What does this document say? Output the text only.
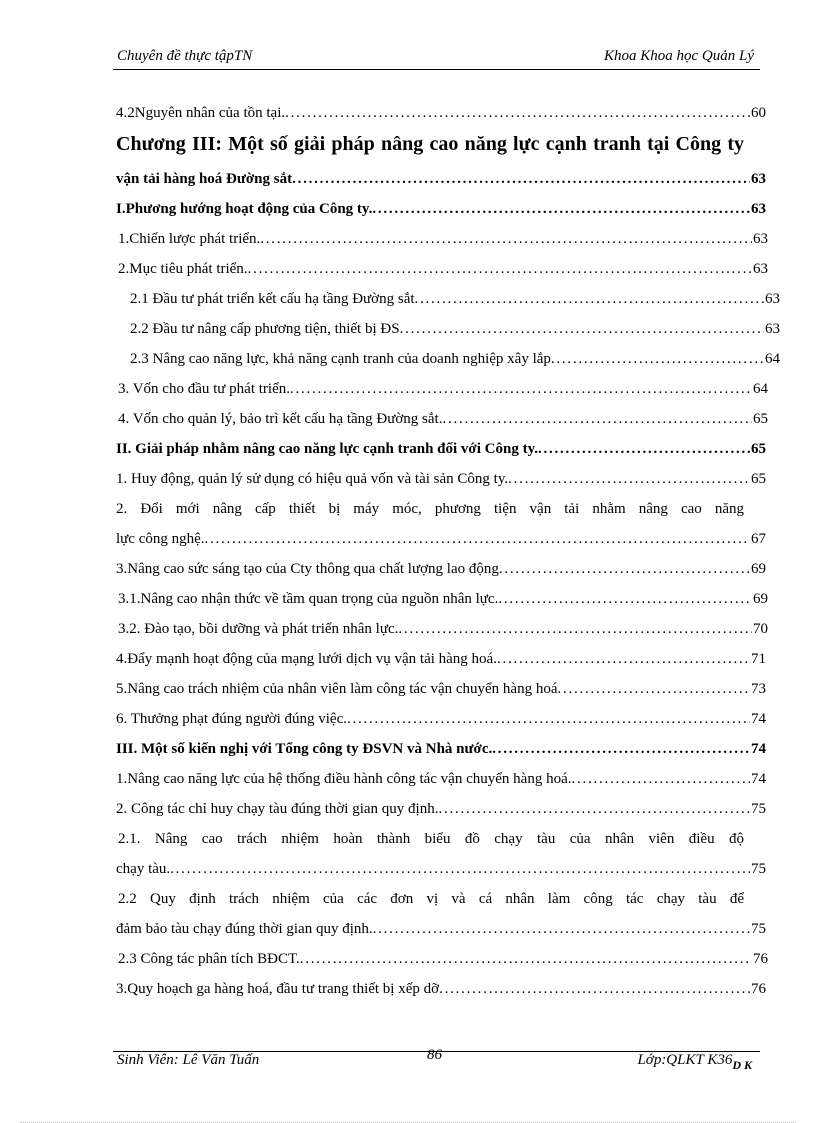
Chuyên đề thực tậpTN	Khoa Khoa học Quản Lý
4.2Nguyên nhân của tồn tại. . . .	60
Chương III: Một số giải pháp nâng cao năng lực cạnh tranh tại Công ty
vận tải hàng hoá Đường sắt . . .	63
I.Phương hướng hoạt động của Công ty. . . .	63
1.Chiến lược phát triển. . . .	63
2.Mục tiêu phát triển. . . .	63
2.1 Đầu tư phát triển kết cấu hạ tầng Đường sắt . . .	63
2.2 Đầu tư nâng cấp phương tiện, thiết bị ĐS . . .	63
2.3 Nâng cao năng lực, khả năng cạnh tranh của doanh nghiệp xây lắp . . .	64
3. Vốn cho đầu tư phát triển. . . .	64
4. Vốn cho quản lý, bảo trì kết cấu hạ tầng Đường sắt. . . .	65
II. Giải pháp nhằm nâng cao năng lực cạnh tranh đối với Công ty. . . .	65
1. Huy động, quản lý sử dụng có hiệu quả vốn và tài sản Công ty. . . .	65
2. Đổi mới nâng cấp thiết bị máy móc, phương tiện vận tải nhằm nâng cao năng
lực công nghệ. . . .	67
3.Nâng cao sức sáng tạo của Cty thông qua chất lượng lao động . . .	69
3.1.Nâng cao nhận thức về tầm quan trọng của nguồn nhân lực. . . .	69
3.2. Đào tạo, bồi dưỡng và phát triển nhân lực. . . .	70
4.Đẩy mạnh hoạt động của mạng lưới dịch vụ vận tải hàng hoá. . . .	71
5.Nâng cao trách nhiệm của nhân viên làm công tác vận chuyển hàng hoá . . .	73
6. Thưởng phạt đúng người đúng việc. . . .	74
III. Một số kiến nghị với Tổng công ty ĐSVN và Nhà nước. . . .	74
1.Nâng cao năng lực của hệ thống điều hành công tác vận chuyển hàng hoá. . . .	74
2. Công tác chỉ huy chạy tàu đúng thời gian quy định. . . .	75
2.1. Nâng cao trách nhiệm hoàn thành biểu đồ chạy tàu của nhân viên điều độ
chạy tàu. . . .	75
2.2 Quy định trách nhiệm của các đơn vị và cá nhân làm công tác chạy tàu để
đảm bảo tàu chạy đúng thời gian quy định. . . .	75
2.3 Công tác phân tích BĐCT. . . .	76
3.Quy hoạch ga hàng hoá, đầu tư trang thiết bị xếp dỡ . . .	76
Sinh Viên: Lê Văn Tuấn	86	Lớp:QLKT $K36_{D K}$
